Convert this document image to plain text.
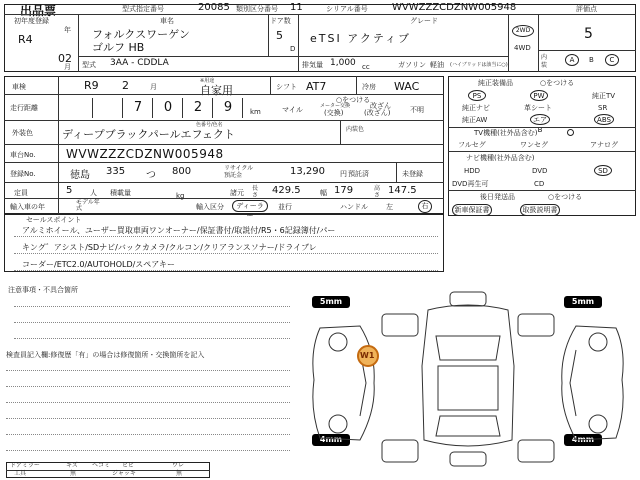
出品票	型式指定番号	20085 類別区分番号 11	シリアル番号 WVWZZZCDZNW005948
初年度登録
R4
年
02
月
車名
フォルクスワーゲン
ゴルフ HB
ドア数
5
D
グレード
eTSI アクティブ
2WD
4WD
評価点
5
型式 3AA - CDDLA	排気量 1,000 cc	ガソリン 軽油 (ハイブリッドは該当に○)
内装
A	B	C
車検	R9 2	月
※用途
自家用	シフト AT7	冷房 WAC
走行距離	7	0	2	9	km
○をつける
マイル	メーター交換
(交換)
改ざん
(改ざん)	不明
外装色
色番号/色名
ディープブラックパールエフェクト	内装色
車台No.	WVWZZZCDZNW005948
登録No.	徳島 335 つ 800	リサイクル預託金	13,290 円 預託済	未登録
定員	5	人 積載量	kg	諸元
長さ 429.5	幅 179	高さ 147.5
輸入車の年
モデル年式	輸入区分	ディーラー
並行	ハンドル	左	右
セールスポイント
アルミホイール、ユーザー買取車両ワンオーナー/保証書付/取説付/R5・6記録簿付/パー
キング゛アシスト/SDナビ/バックカメラ/クルコン/クリアランスソナー/ドライブレ
コーダー/ETC2.0/AUTOHOLD/スペアキー
純正装備品	○をつける
PS	PW	純正TV
純正ナビ	革シート	SR
純正AW	エアB
ABS
TV機種(社外品含む)
フルセグ	ワンセグ	アナログ
ナビ機種(社外品含む)
HDD	DVD	SD
DVD再生可	CD
後日発送品	○をつける
新車保証書	取扱説明書
注意事項・不具合箇所
検査員記入欄:修復歴「有」の場合は修復箇所・交換箇所を記入
ドアミラー	キズ ヘコミ ヒビ	ワレ
工具	無	ジャッキ	無
5mm	5mm
4mm	4mm
W1
